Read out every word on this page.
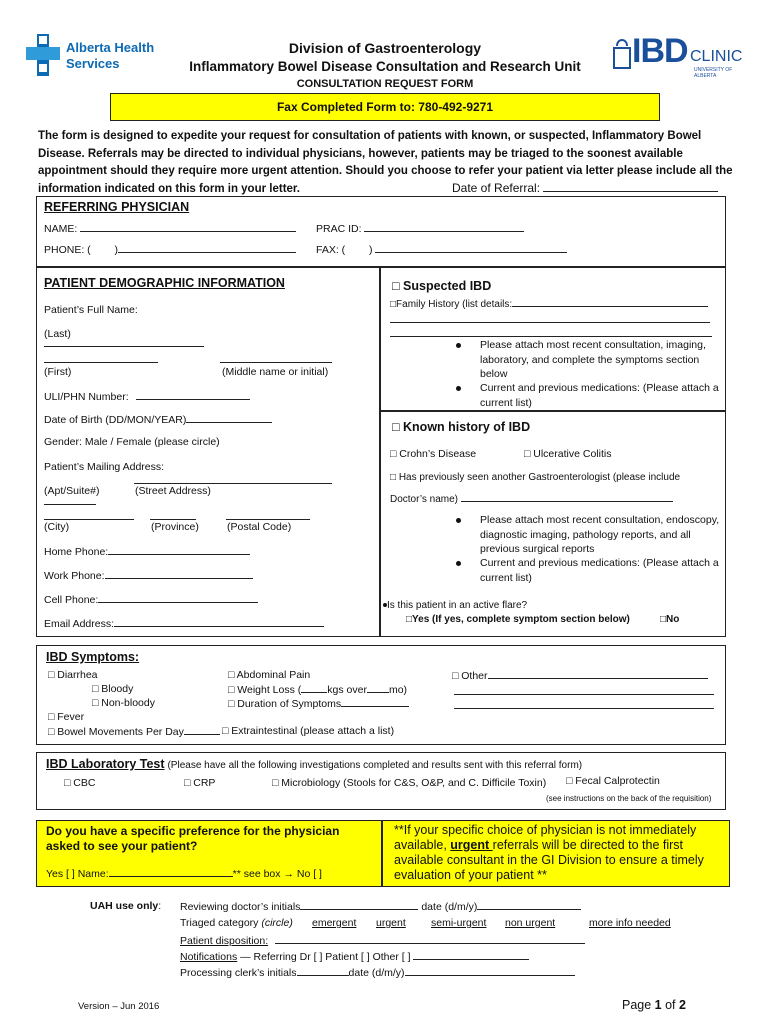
Alberta Health
Services
Division of Gastroenterology
Inflammatory Bowel Disease Consultation and Research Unit
CONSULTATION REQUEST FORM
IBD CLINIC
UNIVERSITY OF ALBERTA
Fax Completed Form to: 780-492-9271
The form is designed to expedite your request for consultation of patients with known, or suspected, Inflammatory Bowel Disease. Referrals may be directed to individual physicians, however, patients may be triaged to the soonest available appointment should they require more urgent attention. Should you choose to refer your patient via letter please include all the information indicated on this form in your letter.	Date of Referral:
REFERRING PHYSICIAN
NAME:	PRAC ID:
PHONE: ( )	FAX: ( )
PATIENT DEMOGRAPHIC INFORMATION
Patient’s Full Name:
(Last)
(First)	(Middle name or initial)
ULI/PHN Number:
Date of Birth (DD/MON/YEAR)
Gender: Male / Female (please circle)
Patient’s Mailing Address:
(Apt/Suite#)	(Street Address)
(City)	(Province)	(Postal Code)
Home Phone:
Work Phone:
Cell Phone:
Email Address:
□ Suspected IBD
□Family History (list details:
Please attach most recent consultation, imaging, laboratory, and complete the symptoms section below
Current and previous medications: (Please attach a current list)
□ Known history of IBD
□ Crohn’s Disease	□ Ulcerative Colitis
□ Has previously seen another Gastroenterologist (please include
Doctor’s name)
Please attach most recent consultation, endoscopy, diagnostic imaging, pathology reports, and all previous surgical reports
Current and previous medications: (Please attach a current list)
Is this patient in an active flare?
□Yes (If yes, complete symptom section below)	□No
IBD Symptoms:
□ Diarrhea
□ Bloody
□ Non-bloody
□ Fever
□ Bowel Movements Per Day
□ Abdominal Pain
□ Weight Loss ( kgs over mo)
□ Duration of Symptoms
□ Extraintestinal (please attach a list)
□ Other
IBD Laboratory Test (Please have all the following investigations completed and results sent with this referral form)
□ CBC	□ CRP	□ Microbiology (Stools for C&S, O&P, and C. Difficile Toxin) □ Fecal Calprotectin
(see instructions on the back of the requisition)
Do you have a specific preference for the physician asked to see your patient?
Yes [ ] Name:	** see box → No [ ]
**If your specific choice of physician is not immediately available, urgent referrals will be directed to the first available consultant in the GI Division to ensure a timely evaluation of your patient **
UAH use only: Reviewing doctor’s initials	date (d/m/y)
Triaged category (circle) emergent urgent semi-urgent non urgent	more info needed
Patient disposition:
Notifications — Referring Dr [ ] Patient [ ] Other [ ]
Processing clerk’s initials	date (d/m/y)
Version – Jun 2016	Page 1 of 2
